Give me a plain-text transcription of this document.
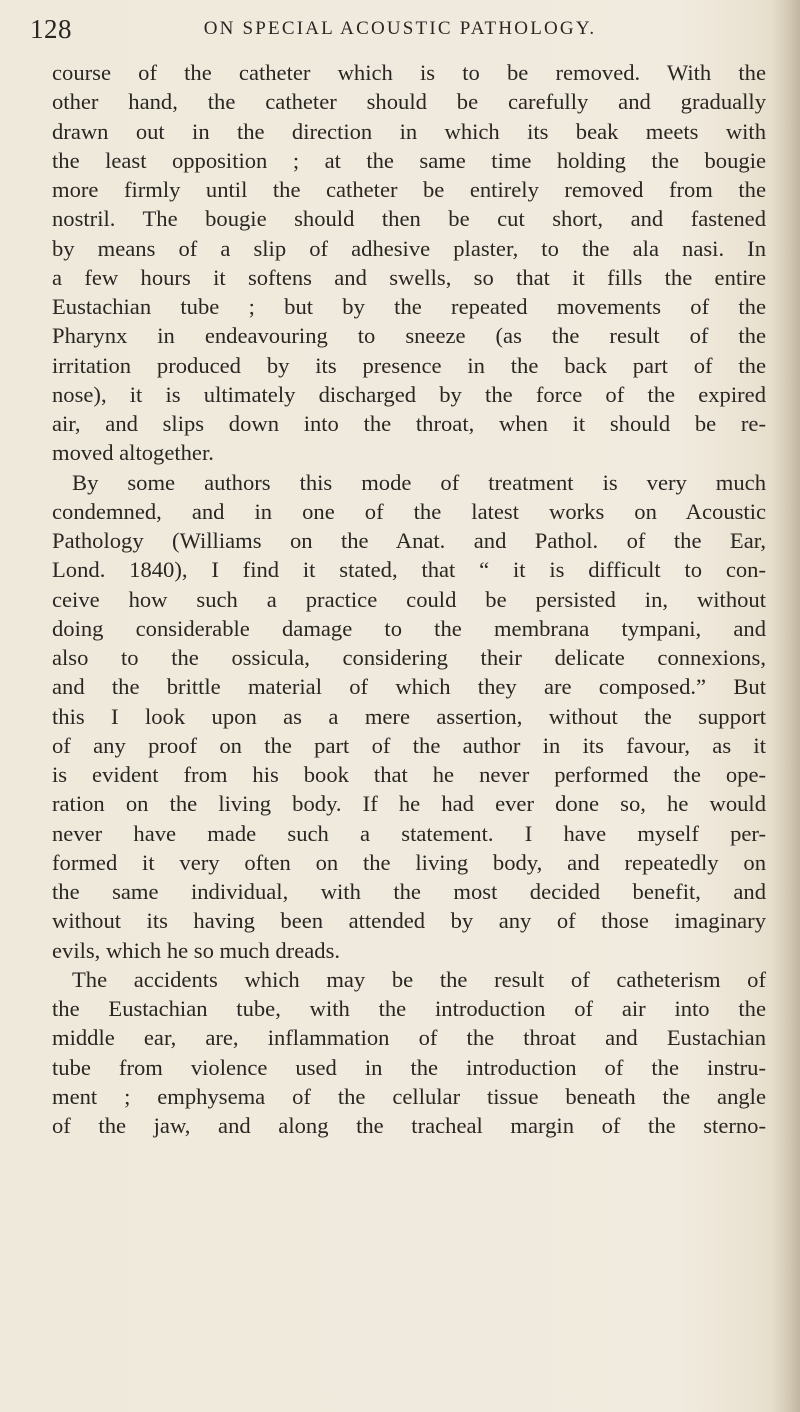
128	ON SPECIAL ACOUSTIC PATHOLOGY.
course of the catheter which is to be removed. With the
other hand, the catheter should be carefully and gradually
drawn out in the direction in which its beak meets with
the least opposition ; at the same time holding the bougie
more firmly until the catheter be entirely removed from the
nostril. The bougie should then be cut short, and fastened
by means of a slip of adhesive plaster, to the ala nasi. In
a few hours it softens and swells, so that it fills the entire
Eustachian tube ; but by the repeated movements of the
Pharynx in endeavouring to sneeze (as the result of the
irritation produced by its presence in the back part of the
nose), it is ultimately discharged by the force of the expired
air, and slips down into the throat, when it should be re-
moved altogether.
By some authors this mode of treatment is very much
condemned, and in one of the latest works on Acoustic
Pathology (Williams on the Anat. and Pathol. of the Ear,
Lond. 1840), I find it stated, that “ it is difficult to con-
ceive how such a practice could be persisted in, without
doing considerable damage to the membrana tympani, and
also to the ossicula, considering their delicate connexions,
and the brittle material of which they are composed.” But
this I look upon as a mere assertion, without the support
of any proof on the part of the author in its favour, as it
is evident from his book that he never performed the ope-
ration on the living body. If he had ever done so, he would
never have made such a statement. I have myself per-
formed it very often on the living body, and repeatedly on
the same individual, with the most decided benefit, and
without its having been attended by any of those imaginary
evils, which he so much dreads.
The accidents which may be the result of catheterism of
the Eustachian tube, with the introduction of air into the
middle ear, are, inflammation of the throat and Eustachian
tube from violence used in the introduction of the instru-
ment ; emphysema of the cellular tissue beneath the angle
of the jaw, and along the tracheal margin of the sterno-
